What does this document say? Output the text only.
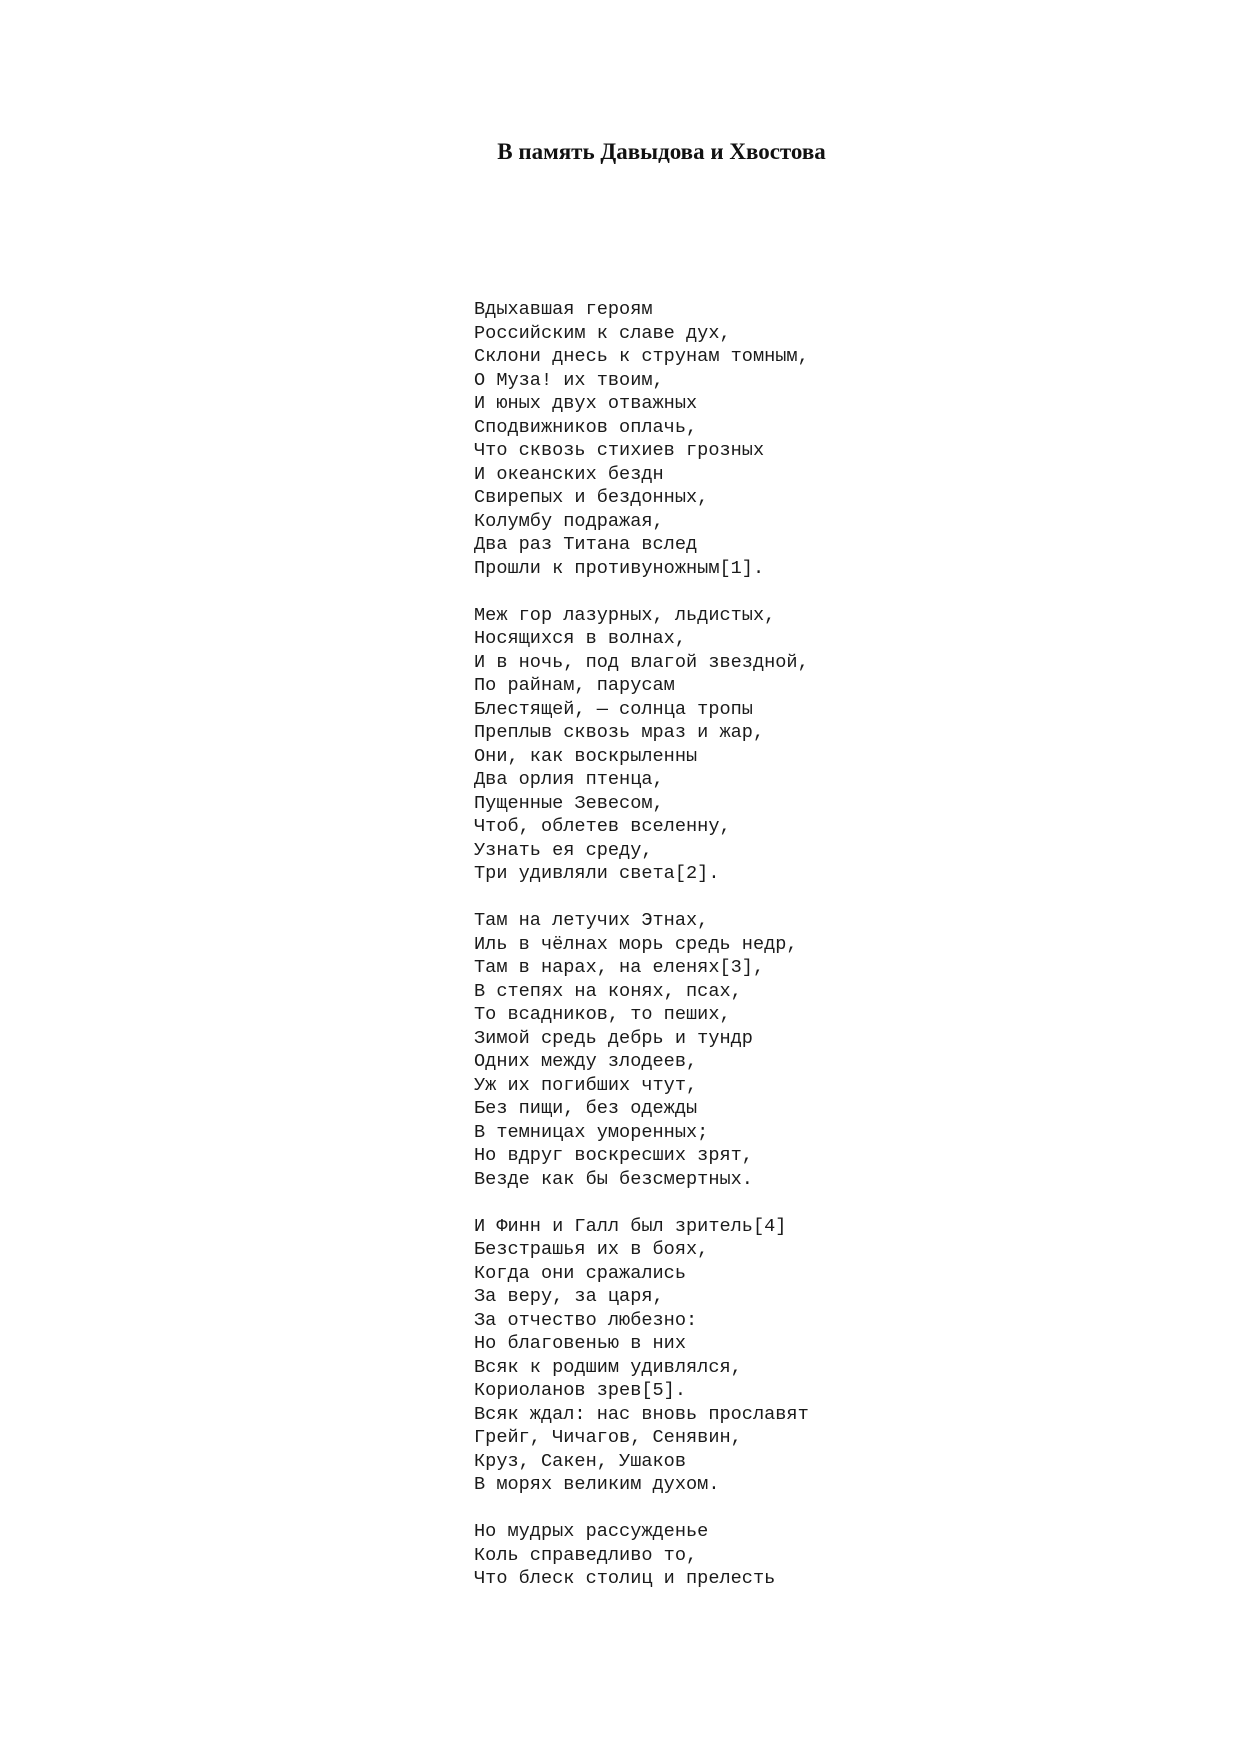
В память Давыдова и Хвостова
Вдыхавшая героям
Российским к славе дух,
Склони днесь к струнам томным,
О Муза! их твоим,
И юных двух отважных
Сподвижников оплачь,
Что сквозь стихиев грозных
И океанских бездн
Свирепых и бездонных,
Колумбу подражая,
Два раз Титана вслед
Прошли к противуножным[1].
Меж гор лазурных, льдистых,
Носящихся в волнах,
И в ночь, под влагой звездной,
По райнам, парусам
Блестящей, — солнца тропы
Преплыв сквозь мраз и жар,
Они, как воскрыленны
Два орлия птенца,
Пущенные Зевесом,
Чтоб, облетев вселенну,
Узнать ея среду,
Три удивляли света[2].
Там на летучих Этнах,
Иль в чёлнах морь средь недр,
Там в нарах, на еленях[3],
В степях на конях, псах,
То всадников, то пеших,
Зимой средь дебрь и тундр
Одних между злодеев,
Уж их погибших чтут,
Без пищи, без одежды
В темницах уморенных;
Но вдруг воскресших зрят,
Везде как бы безсмертных.
И Финн и Галл был зритель[4]
Безстрашья их в боях,
Когда они сражались
За веру, за царя,
За отчество любезно:
Но благовенью в них
Всяк к родшим удивлялся,
Кориоланов зрев[5].
Всяк ждал: нас вновь прославят
Грейг, Чичагов, Сенявин,
Круз, Сакен, Ушаков
В морях великим духом.
Но мудрых рассужденье
Коль справедливо то,
Что блеск столиц и прелесть
